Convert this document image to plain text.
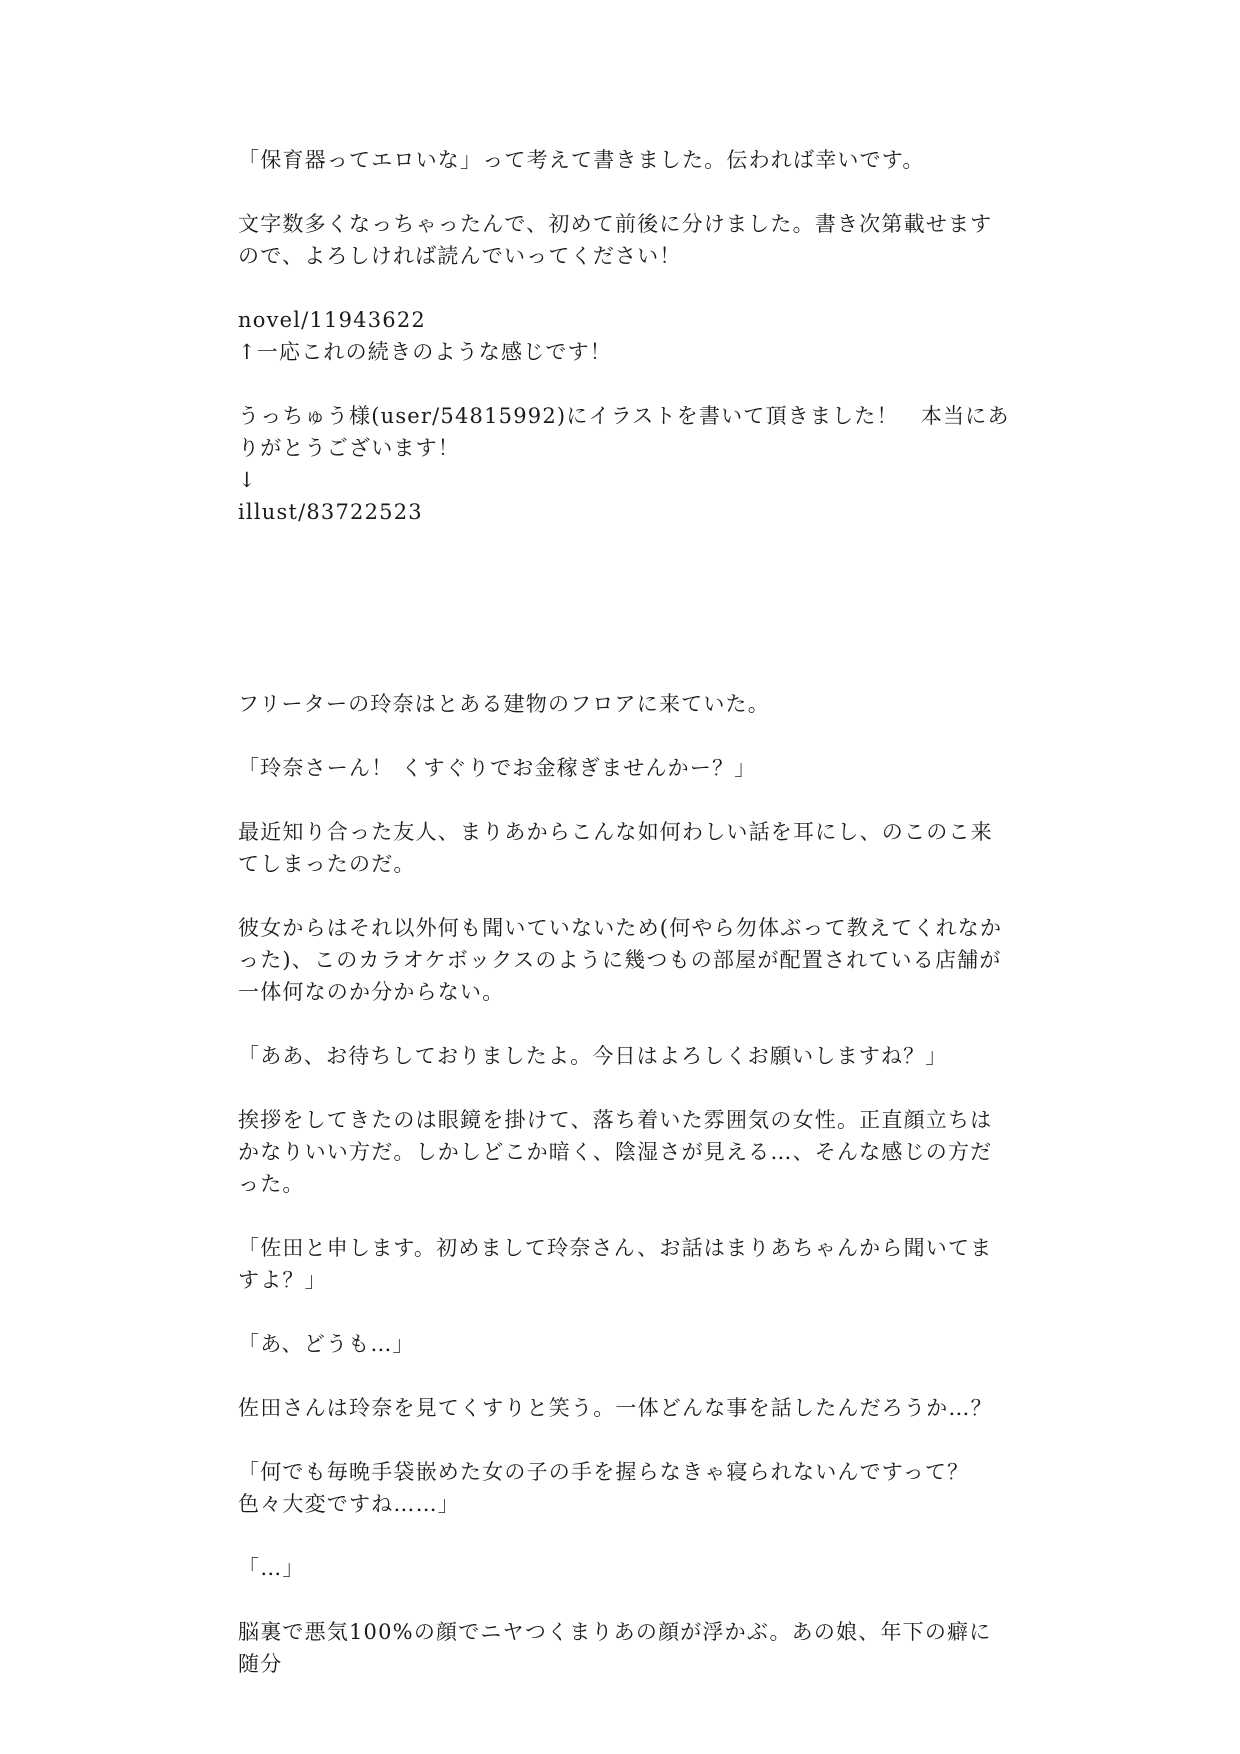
「保育器ってエロいな」って考えて書きました。伝われば幸いです。

文字数多くなっちゃったんで、初めて前後に分けました。書き次第載せますので、よろしければ読んでいってください！

novel/11943622

↑一応これの続きのような感じです！

うっちゅう様(user/54815992)にイラストを書いて頂きました！　本当にありがとうございます！

↓

illust/83722523

フリーターの玲奈はとある建物のフロアに来ていた。

「玲奈さーん！ くすぐりでお金稼ぎませんかー？」

最近知り合った友人、まりあからこんな如何わしい話を耳にし、のこのこ来てしまったのだ。

彼女からはそれ以外何も聞いていないため(何やら勿体ぶって教えてくれなかった)、このカラオケボックスのように幾つもの部屋が配置されている店舗が一体何なのか分からない。

「ああ、お待ちしておりましたよ。今日はよろしくお願いしますね？」

挨拶をしてきたのは眼鏡を掛けて、落ち着いた雰囲気の女性。正直顔立ちはかなりいい方だ。しかしどこか暗く、陰湿さが見える…、そんな感じの方だった。

「佐田と申します。初めまして玲奈さん、お話はまりあちゃんから聞いてますよ？」

「あ、どうも…」

佐田さんは玲奈を見てくすりと笑う。一体どんな事を話したんだろうか…？

「何でも毎晩手袋嵌めた女の子の手を握らなきゃ寝られないんですって？ 色々大変ですね……」

「…」

脳裏で悪気100%の顔でニヤつくまりあの顔が浮かぶ。あの娘、年下の癖に随分
